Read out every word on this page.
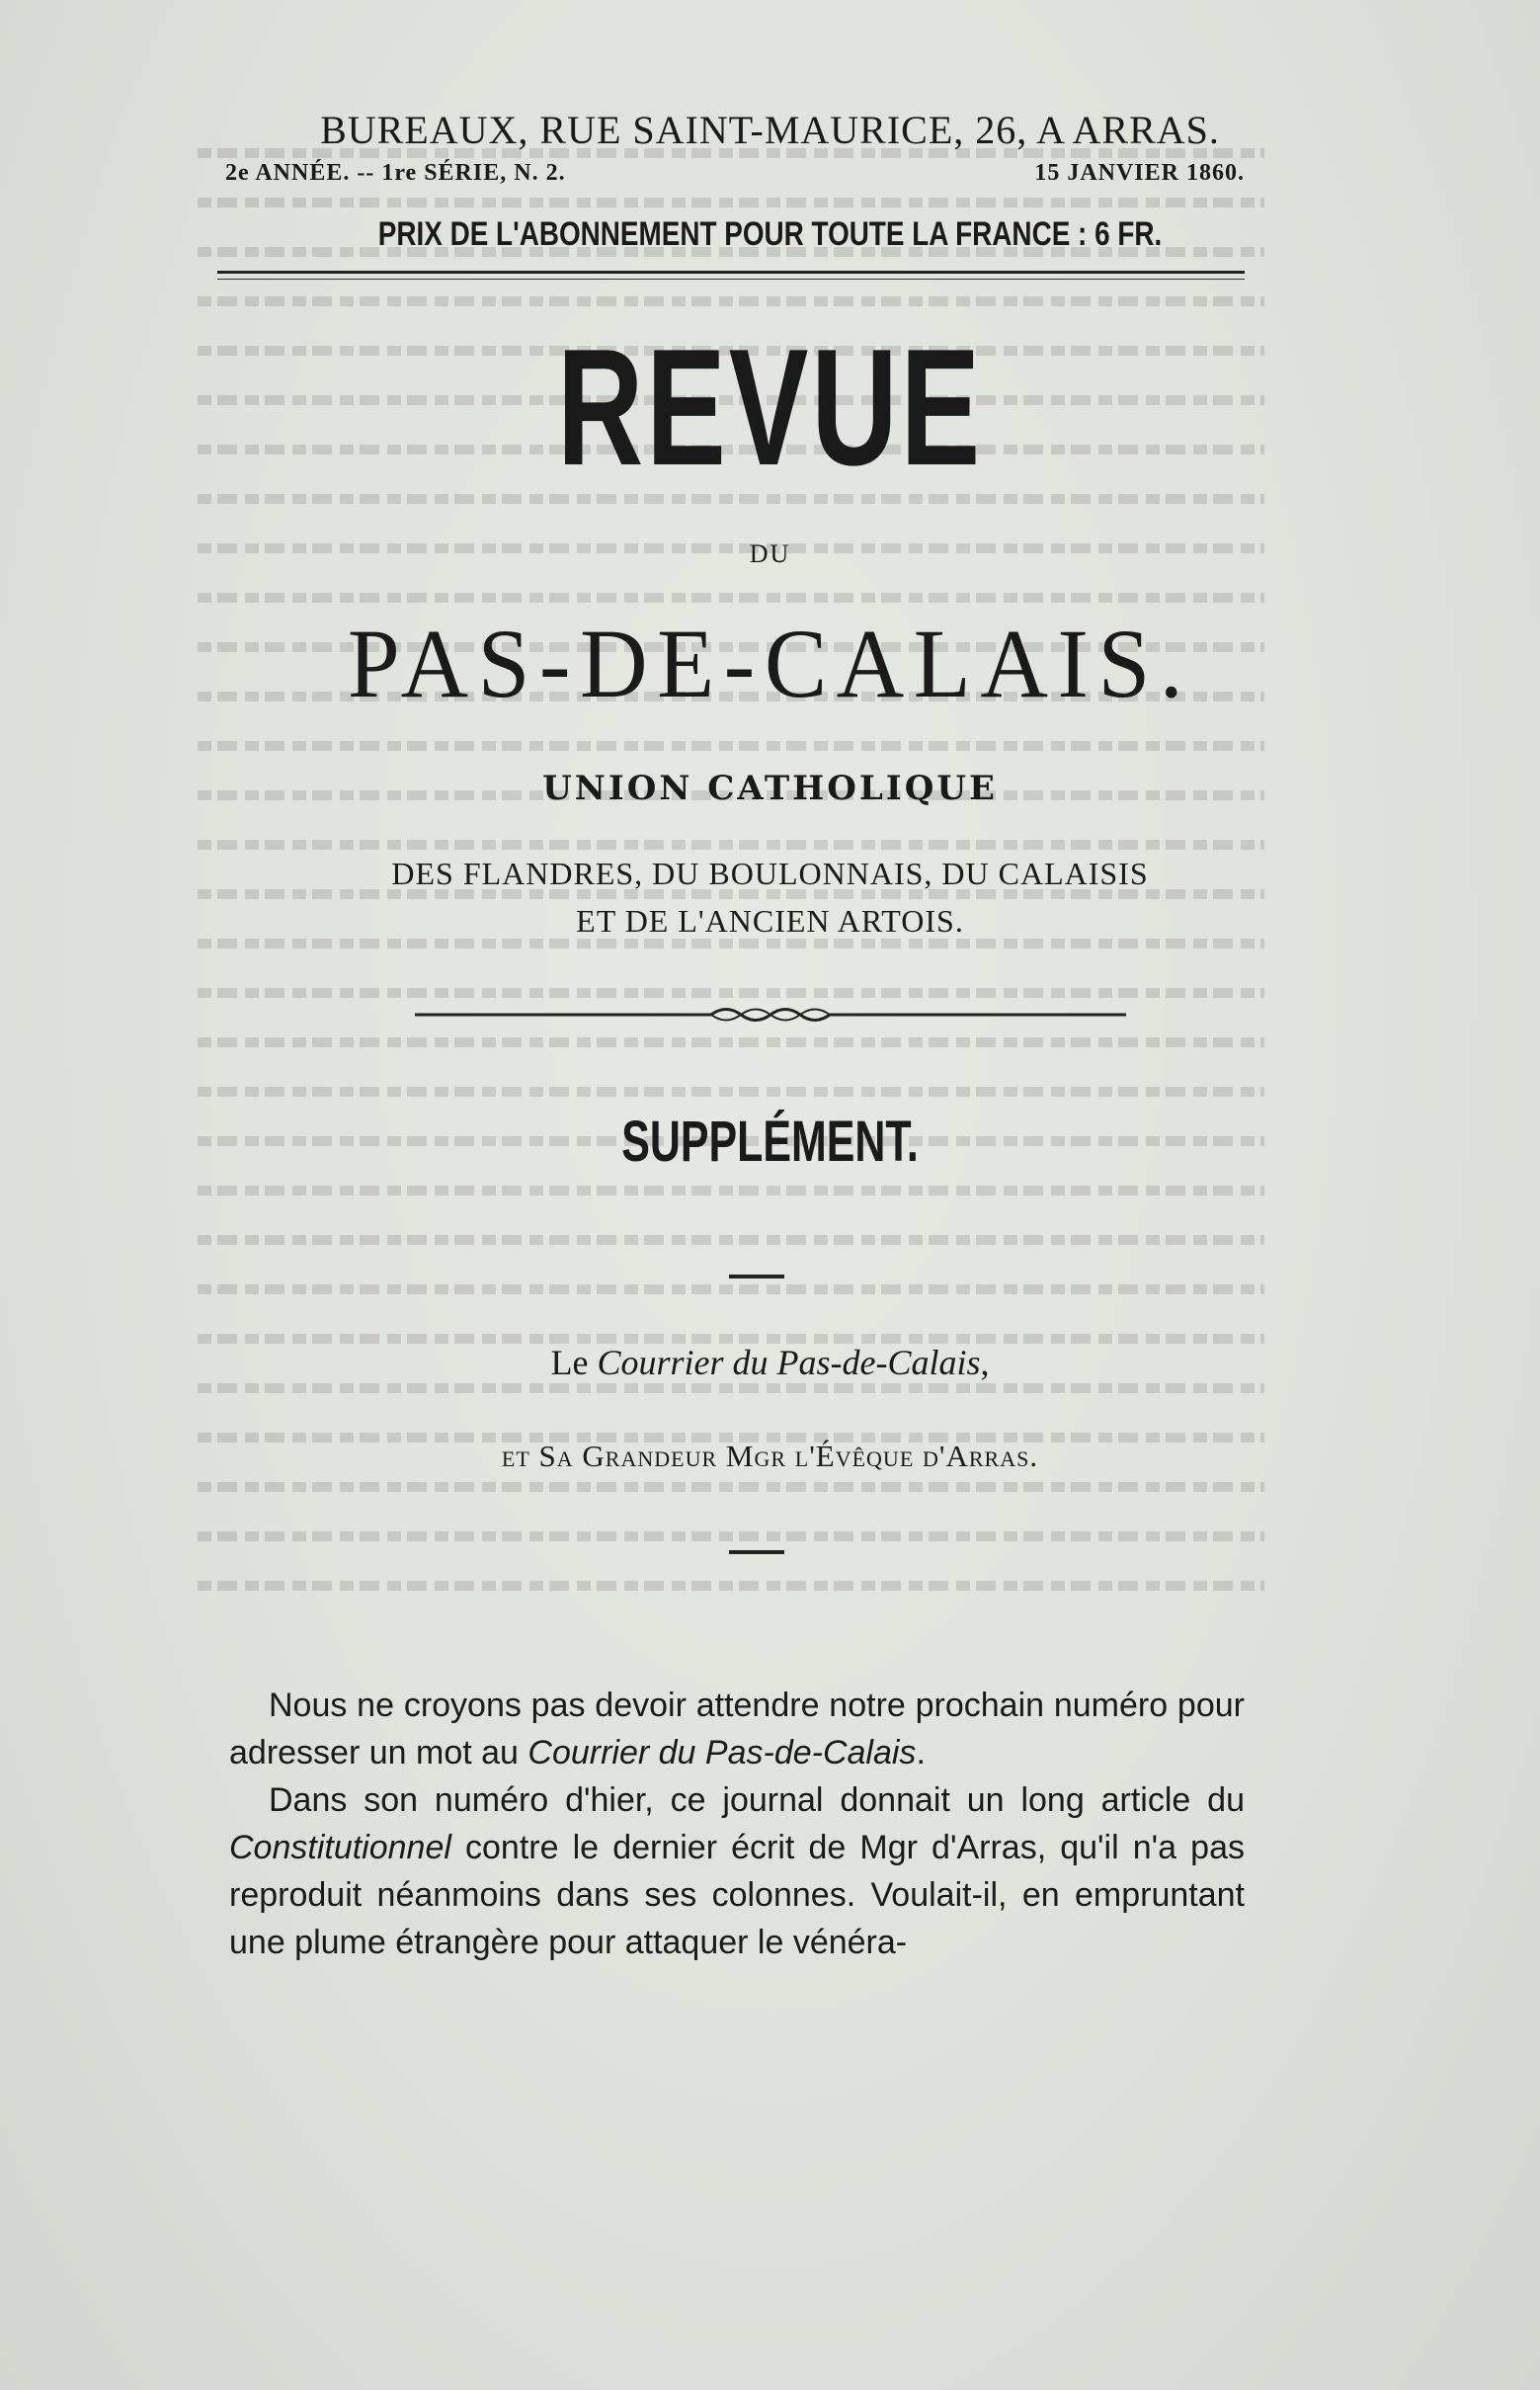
BUREAUX, RUE SAINT-MAURICE, 26, A ARRAS.
2e ANNÉE. -- 1re SÉRIE, N. 2.	15 JANVIER 1860.
PRIX DE L'ABONNEMENT POUR TOUTE LA FRANCE : 6 FR.
REVUE
DU
PAS-DE-CALAIS.
UNION CATHOLIQUE
DES FLANDRES, DU BOULONNAIS, DU CALAISIS
ET DE L'ANCIEN ARTOIS.
SUPPLÉMENT.
Le Courrier du Pas-de-Calais,
et Sa Grandeur Mgr l'Évêque d'Arras.

Nous ne croyons pas devoir attendre notre prochain numéro pour adresser un mot au Courrier du Pas-de-Calais.

Dans son numéro d'hier, ce journal donnait un long article du Constitutionnel contre le dernier écrit de Mgr d'Arras, qu'il n'a pas reproduit néanmoins dans ses colonnes. Voulait-il, en empruntant une plume étrangère pour attaquer le vénéra-
